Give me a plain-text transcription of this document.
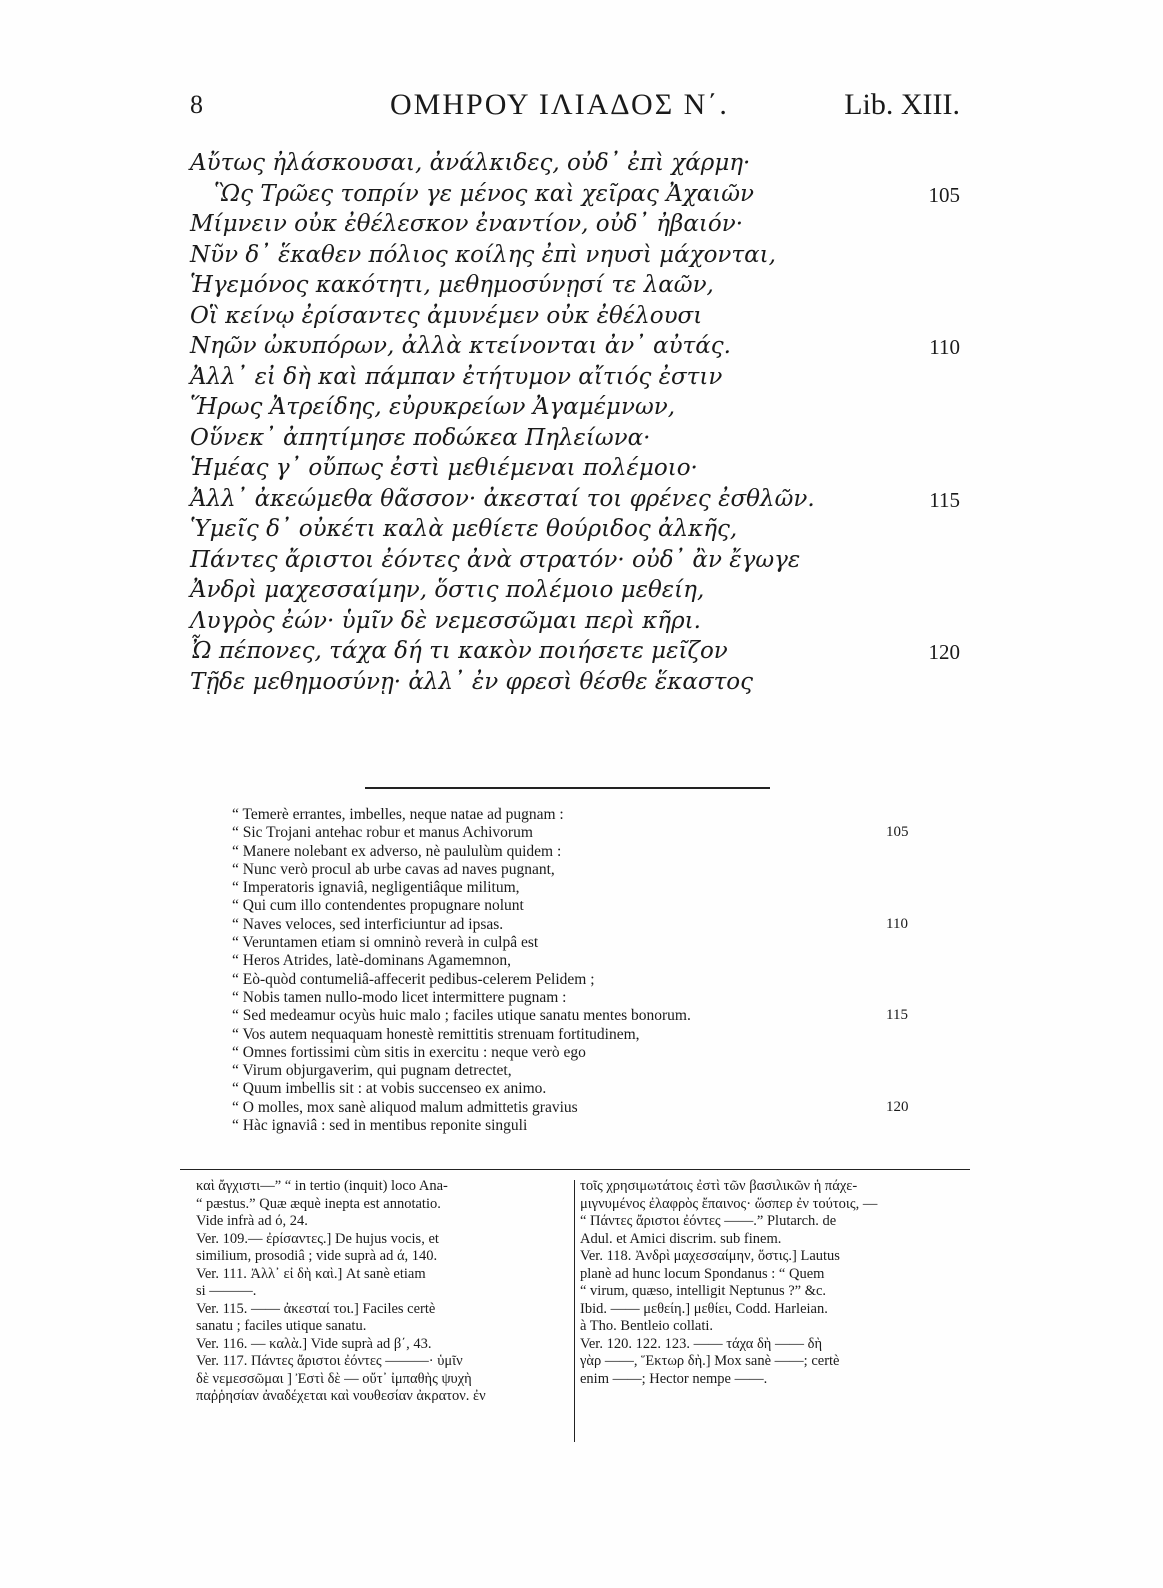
8	ΟΜΗΡΟΥ ΙΛΙΑΔΟΣ Ν΄.	Lib. XIII.
Αὔτως ἠλάσκουσαι, ἀνάλκιδες, οὐδ᾽ ἐπὶ χάρμη·
Ὣς Τρῶες τοπρίν γε μένος καὶ χεῖρας Ἀχαιῶν	105
Μίμνειν οὐκ ἐθέλεσκον ἐναντίον, οὐδ᾽ ἠβαιόν·
Νῦν δ᾽ ἕκαθεν πόλιος κοίλης ἐπὶ νηυσὶ μάχονται,
Ἡγεμόνος κακότητι, μεθημοσύνῃσί τε λαῶν,
Οἳ κείνῳ ἐρίσαντες ἀμυνέμεν οὐκ ἐθέλουσι
Νηῶν ὠκυπόρων, ἀλλὰ κτείνονται ἀν᾽ αὐτάς.	110
Ἀλλ᾽ εἰ δὴ καὶ πάμπαν ἐτήτυμον αἴτιός ἐστιν
Ἥρως Ἀτρείδης, εὐρυκρείων Ἀγαμέμνων,
Οὕνεκ᾽ ἀπητίμησε ποδώκεα Πηλείωνα·
Ἡμέας γ᾽ οὔπως ἐστὶ μεθιέμεναι πολέμοιο·
Ἀλλ᾽ ἀκεώμεθα θᾶσσον· ἀκεσταί τοι φρένες ἐσθλῶν.	115
Ὑμεῖς δ᾽ οὐκέτι καλὰ μεθίετε θούριδος ἀλκῆς,
Πάντες ἄριστοι ἐόντες ἀνὰ στρατόν· οὐδ᾽ ἂν ἔγωγε
Ἀνδρὶ μαχεσσαίμην, ὅστις πολέμοιο μεθείη,
Λυγρὸς ἐών· ὑμῖν δὲ νεμεσσῶμαι περὶ κῆρι.
Ὦ πέπονες, τάχα δή τι κακὸν ποιήσετε μεῖζον	120
Τῇδε μεθημοσύνῃ· ἀλλ᾽ ἐν φρεσὶ θέσθε ἕκαστος
“ Temerè errantes, imbelles, neque natae ad pugnam :
“ Sic Trojani antehac robur et manus Achivorum	105
“ Manere nolebant ex adverso, nè paululùm quidem :
“ Nunc verò procul ab urbe cavas ad naves pugnant,
“ Imperatoris ignaviâ, negligentiâque militum,
“ Qui cum illo contendentes propugnare nolunt
“ Naves veloces, sed interficiuntur ad ipsas.	110
“ Veruntamen etiam si omninò reverà in culpâ est
“ Heros Atrides, latè-dominans Agamemnon,
“ Eò-quòd contumeliâ-affecerit pedibus-celerem Pelidem ;
“ Nobis tamen nullo-modo licet intermittere pugnam :
“ Sed medeamur ocyùs huic malo ; faciles utique sanatu mentes bonorum.	115
“ Vos autem nequaquam honestè remittitis strenuam fortitudinem,
“ Omnes fortissimi cùm sitis in exercitu : neque verò ego
“ Virum objurgaverim, qui pugnam detrectet,
“ Quum imbellis sit : at vobis succenseo ex animo.
“ O molles, mox sanè aliquod malum admittetis gravius	120
“ Hàc ignaviâ : sed in mentibus reponite singuli
καὶ ἄγχιστι—” “ in tertio (inquit) loco Ana-
“ pæstus.” Quæ æquè inepta est annotatio.
Vide infrà ad ό, 24.
Ver. 109.— ἐρίσαντες.] De hujus vocis, et
similium, prosodiâ ; vide suprà ad ά, 140.
Ver. 111. Ἀλλ᾽ εἰ δὴ καὶ.] At sanè etiam
si ———.
Ver. 115. —— ἀκεσταί τοι.] Faciles certè
sanatu ; faciles utique sanatu.
Ver. 116. — καλὰ.] Vide suprà ad β΄, 43.
Ver. 117. Πάντες ἄριστοι ἐόντες ———· ὑμῖν
δὲ νεμεσσῶμαι ] Ἐστὶ δὲ — οὔτ᾽ ἰμπαθὴς ψυχὴ
παῤῥησίαν ἀναδέχεται καὶ νουθεσίαν ἀκρατον. ἐν
τοῖς χρησιμωτάτοις ἐστὶ τῶν βασιλικῶν ἡ πάχε-
μιγνυμένος ἐλαφρὸς ἔπαινος· ὥσπερ ἐν τούτοις, —
“ Πάντες ἄριστοι ἐόντες ——.” Plutarch. de
Adul. et Amici discrim. sub finem.
Ver. 118. Ἀνδρὶ μαχεσσαίμην, ὅστις.] Lautus
planè ad hunc locum Spondanus : “ Quem
“ virum, quæso, intelligit Neptunus ?” &c.
Ibid. —— μεθείη.] μεθίει, Codd. Harleian.
à Tho. Bentleio collati.
Ver. 120. 122. 123. —— τάχα δὴ —— δὴ
γὰρ ——, Ἕκτωρ δὴ.] Mox sanè ——; certè
enim ——; Hector nempe ——.
